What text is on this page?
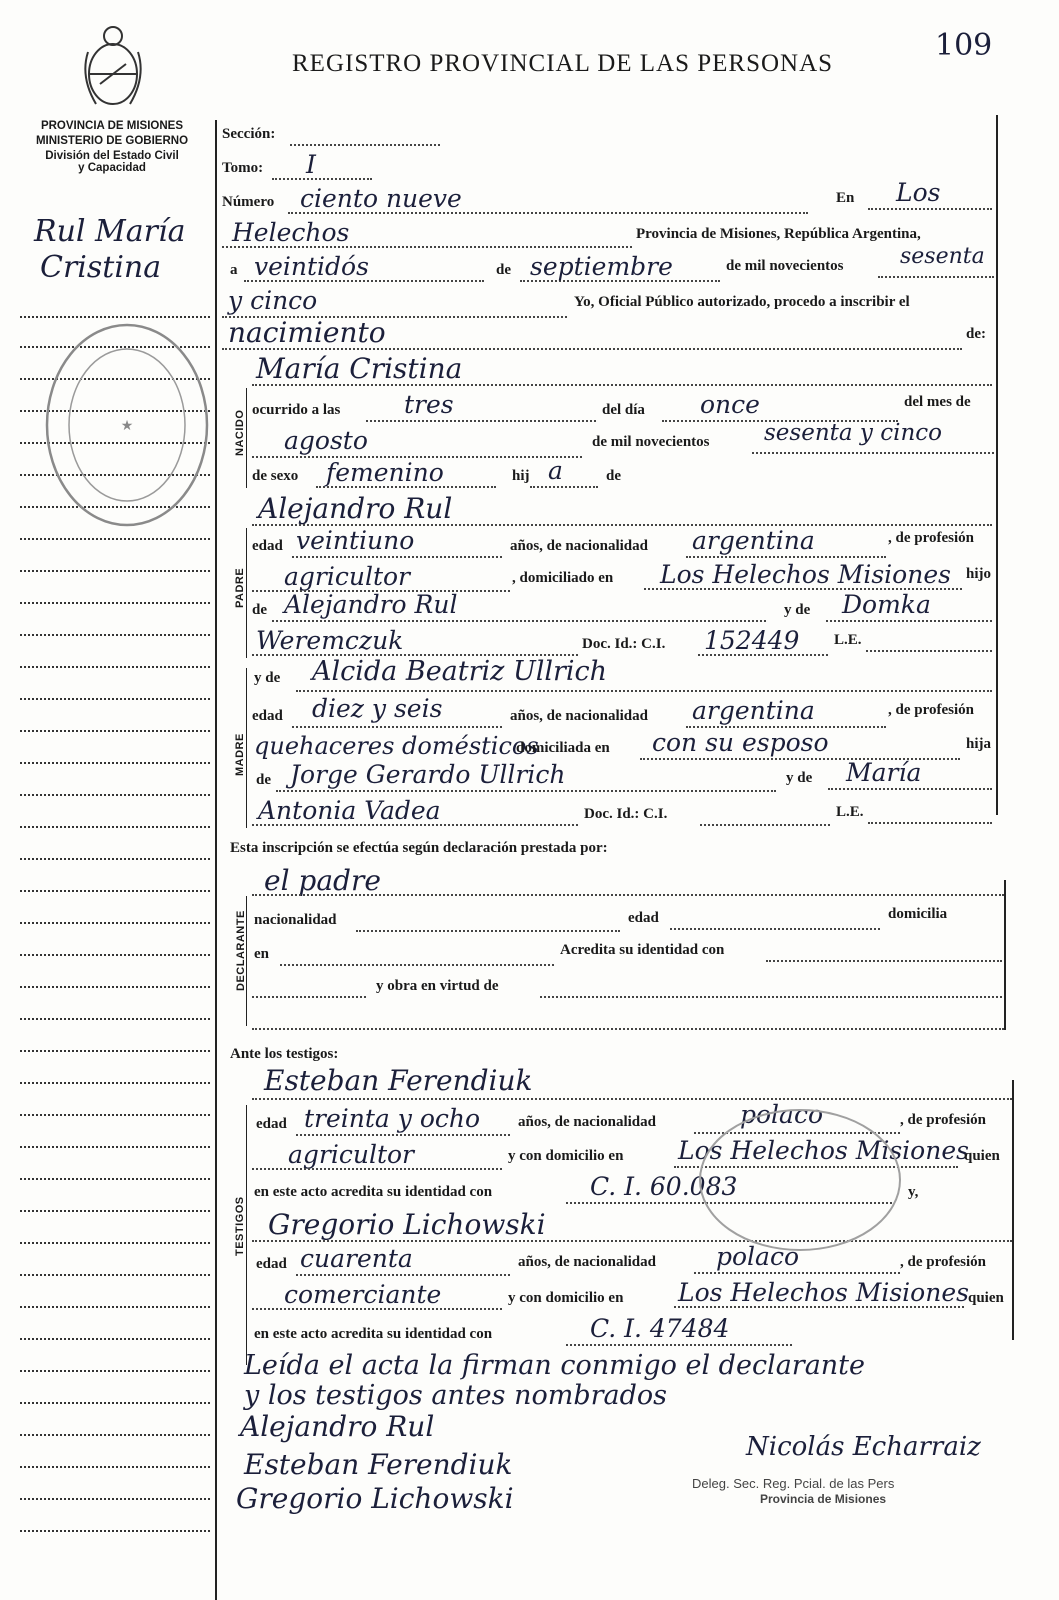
REGISTRO PROVINCIAL DE LAS PERSONAS
109
PROVINCIA DE MISIONES
MINISTERIO DE GOBIERNO
División del Estado Civil
y Capacidad
Rul María
Cristina
★	NACIDO
PADRE
MADRE
DECLARANTE
TESTIGOS
Sección:
Tomo: I
Número ciento nueve	En Los
Helechos	Provincia de Misiones, República Argentina,
a veintidós	de septiembre	de mil novecientos	sesenta
y cinco	Yo, Oficial Público autorizado, procedo a inscribir el
nacimiento	de:
María Cristina
ocurrido a las	tres	del día once	del mes de
agosto	de mil novecientos sesenta y cinco
de sexo femenino	hij a	de
Alejandro Rul
edad veintiuno	años, de nacionalidad argentina	, de profesión
agricultor	, domiciliado en Los Helechos Misiones hijo
de Alejandro Rul	y de Domka
Weremczuk	Doc. Id.: C.I. 152449 L.E.
y de Alcida Beatriz Ullrich
edad diez y seis	años, de nacionalidad argentina	, de profesión
quehaceres domésticos
domiciliada en con su esposo	hija
de Jorge Gerardo Ullrich	y de María
Antonia Vadea	Doc. Id.: C.I.	L.E.
Esta inscripción se efectúa según declaración prestada por:
el padre
nacionalidad	edad	domicilia
en	Acredita su identidad con
y obra en virtud de
Ante los testigos:
Esteban Ferendiuk
edad treinta y ocho	años, de nacionalidad	polaco	, de profesión
agricultor	y con domicilio en Los Helechos Misiones
quien
en este acto acredita su identidad con	C. I. 60.083	y,
Gregorio Lichowski
edad cuarenta	años, de nacionalidad polaco	, de profesión
comerciante	y con domicilio en Los Helechos Misiones quien
en este acto acredita su identidad con	C. I. 47484
Leída el acta la firman conmigo el declarante
y los testigos antes nombrados
Alejandro Rul
Esteban Ferendiuk
Gregorio Lichowski
Nicolás Echarraiz
Deleg. Sec. Reg. Pcial. de las Pers
Provincia de Misiones
